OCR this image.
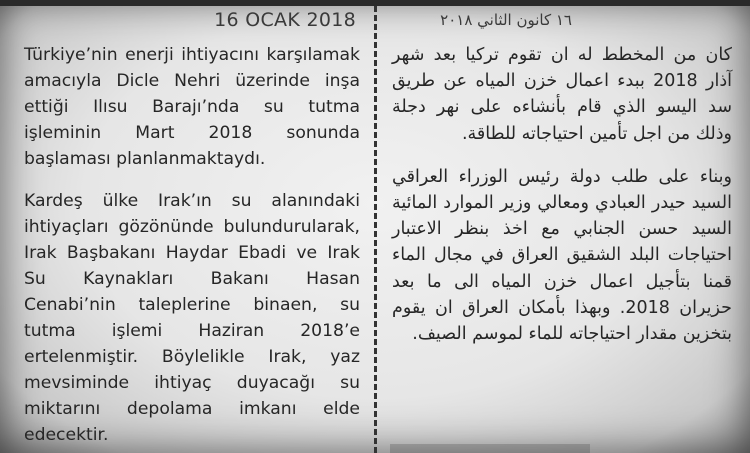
16 OCAK 2018

Türkiye’nin enerji ihtiyacını karşılamak amacıyla Dicle Nehri üzerinde inşa ettiği Ilısu Barajı’nda su tutma işleminin Mart 2018 sonunda başlaması planlanmaktaydı.

Kardeş ülke Irak’ın su alanındaki ihtiyaçları gözönünde bulundurularak, Irak Başbakanı Haydar Ebadi ve Irak Su Kaynakları Bakanı Hasan Cenabi’nin taleplerine binaen, su tutma işlemi Haziran 2018’e ertelenmiştir. Böylelikle Irak, yaz mevsiminde ihtiyaç duyacağı su miktarını depolama imkanı elde edecektir.

١٦ كانون الثاني ٢٠١٨

كان من المخطط له ان تقوم تركيا بعد شهر آذار 2018 ببدء اعمال خزن المياه عن طريق سد اليسو الذي قام بأنشاءه على نهر دجلة وذلك من اجل تأمين احتياجاته للطاقة.

وبناء على طلب دولة رئيس الوزراء العراقي السيد حيدر العبادي ومعالي وزير الموارد المائية السيد حسن الجنابي مع اخذ بنظر الاعتبار احتياجات البلد الشقيق العراق في مجال الماء قمنا بتأجيل اعمال خزن المياه الى ما بعد حزيران 2018. وبهذا بأمكان العراق ان يقوم بتخزين مقدار احتياجاته للماء لموسم الصيف.
